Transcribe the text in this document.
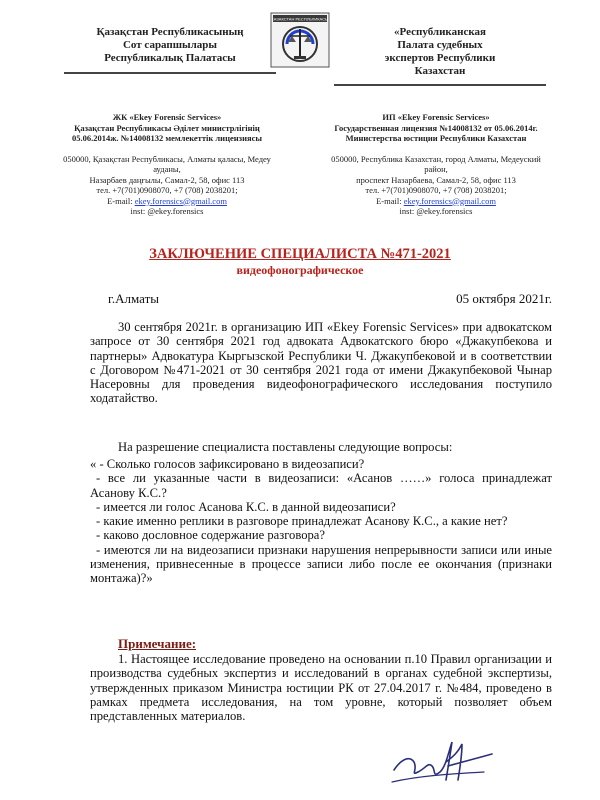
Қазақстан Республикасының
Сот сарапшылары
Республикалық Палатасы
КАЗАКСТАН РЕСПУБЛИКАСЫ
«Республиканская
Палата судебных
экспертов Республики
Казахстан
ЖК «Ekey Forensic Services»
Қазақстан Республикасы Әділет министрлігінің
05.06.2014ж. №14008132 мемлекеттік лицензиясы
050000, Қазақстан Республикасы, Алматы қаласы, Медеу
ауданы,
Назарбаев даңғылы, Самал-2, 58, офис 113
тел. +7(701)0908070, +7 (708) 2038201;
E-mail: ekey.forensics@gmail.com
inst: @ekey.forensics
ИП «Ekey Forensic Services»
Государственная лицензия №14008132 от 05.06.2014г.
Министерства юстиции Республики Казахстан
050000, Республика Казахстан, город Алматы, Медеуский
район,
проспект Назарбаева, Самал-2, 58, офис 113
тел. +7(701)0908070, +7 (708) 2038201;
E-mail: ekey.forensics@gmail.com
inst: @ekey.forensics
ЗАКЛЮЧЕНИЕ СПЕЦИАЛИСТА №471-2021
видеофонографическое
г.Алматы	05 октября 2021г.
30 сентября 2021г. в организацию ИП «Ekey Forensic Services» при адвокатском запросе от 30 сентября 2021 год адвоката Адвокатского бюро «Джакупбекова и партнеры» Адвокатура Кыргызской Республики Ч. Джакупбековой и в соответствии с Договором №471-2021 от 30 сентября 2021 года от имени Джакупбековой Чынар Насеровны для проведения видеофонографического исследования поступило ходатайство.
На разрешение специалиста поставлены следующие вопросы:
« - Сколько голосов зафиксировано в видеозаписи?
- все ли указанные части в видеозаписи: «Асанов ……» голоса принадлежат Асанову К.С.?
- имеется ли голос Асанова К.С. в данной видеозаписи?
- какие именно реплики в разговоре принадлежат Асанову К.С., а какие нет?
- каково дословное содержание разговора?
- имеются ли на видеозаписи признаки нарушения непрерывности записи или иные изменения, привнесенные в процессе записи либо после ее окончания (признаки монтажа)?»
Примечание:
1. Настоящее исследование проведено на основании п.10 Правил организации и производства судебных экспертиз и исследований в органах судебной экспертизы, утвержденных приказом Министра юстиции РК от 27.04.2017 г. №484, проведено в рамках предмета исследования, на том уровне, который позволяет объем представленных материалов.
